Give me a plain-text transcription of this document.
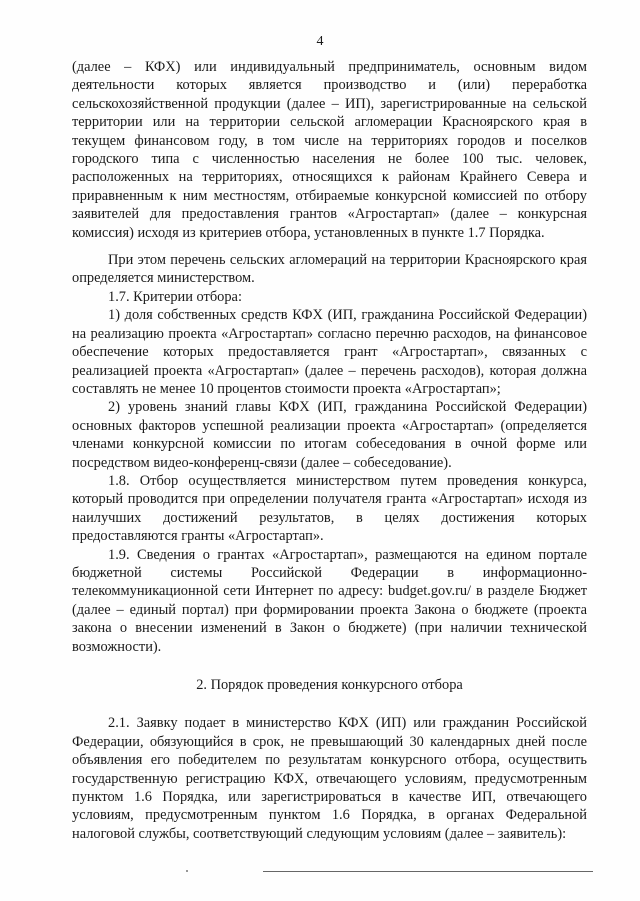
4

(далее – КФХ) или индивидуальный предприниматель, основным видом деятельности которых является производство и (или) переработка сельскохозяйственной продукции (далее – ИП), зарегистрированные на сельской территории или на территории сельской агломерации Красноярского края в текущем финансовом году, в том числе на территориях городов и поселков городского типа с численностью населения не более 100 тыс. человек, расположенных на территориях, относящихся к районам Крайнего Севера и приравненным к ним местностям, отбираемые конкурсной комиссией по отбору заявителей для предоставления грантов «Агростартап» (далее – конкурсная комиссия) исходя из критериев отбора, установленных в пункте 1.7 Порядка.

При этом перечень сельских агломераций на территории Красноярского края определяется министерством.

1.7. Критерии отбора:

1) доля собственных средств КФХ (ИП, гражданина Российской Федерации) на реализацию проекта «Агростартап» согласно перечню расходов, на финансовое обеспечение которых предоставляется грант «Агростартап», связанных с реализацией проекта «Агростартап» (далее – перечень расходов), которая должна составлять не менее 10 процентов стоимости проекта «Агростартап»;

2) уровень знаний главы КФХ (ИП, гражданина Российской Федерации) основных факторов успешной реализации проекта «Агростартап» (определяется членами конкурсной комиссии по итогам собеседования в очной форме или посредством видео-конференц-связи (далее – собеседование).

1.8. Отбор осуществляется министерством путем проведения конкурса, который проводится при определении получателя гранта «Агростартап» исходя из наилучших достижений результатов, в целях достижения которых предоставляются гранты «Агростартап».

1.9. Сведения о грантах «Агростартап», размещаются на едином портале бюджетной системы Российской Федерации в информационно-телекоммуникационной сети Интернет по адресу: budget.gov.ru/ в разделе Бюджет (далее – единый портал) при формировании проекта Закона о бюджете (проекта закона о внесении изменений в Закон о бюджете) (при наличии технической возможности).

2. Порядок проведения конкурсного отбора

2.1. Заявку подает в министерство КФХ (ИП) или гражданин Российской Федерации, обязующийся в срок, не превышающий 30 календарных дней после объявления его победителем по результатам конкурсного отбора, осуществить государственную регистрацию КФХ, отвечающего условиям, предусмотренным пунктом 1.6 Порядка, или зарегистрироваться в качестве ИП, отвечающего условиям, предусмотренным пунктом 1.6 Порядка, в органах Федеральной налоговой службы, соответствующий следующим условиям (далее – заявитель):
